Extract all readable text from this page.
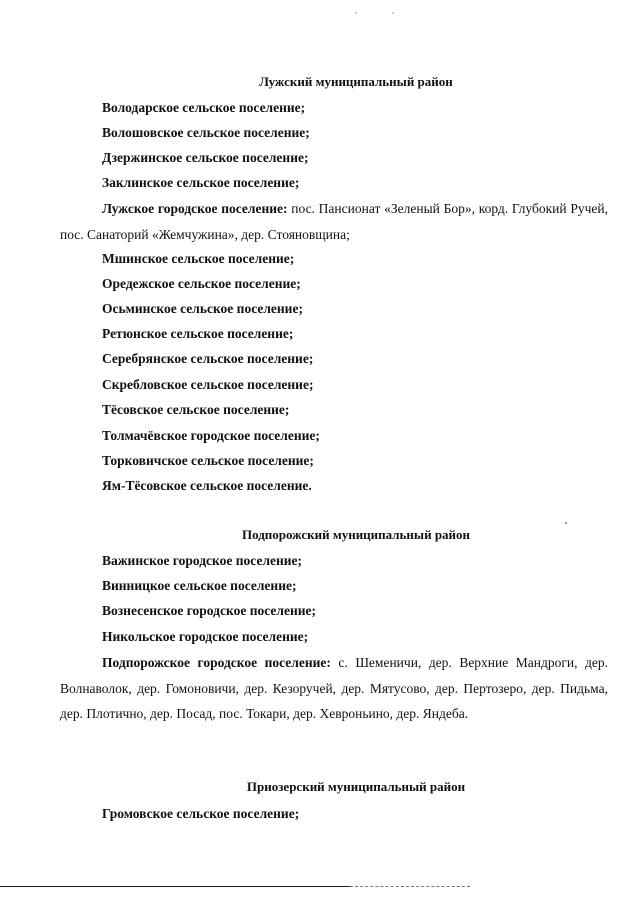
Лужский муниципальный район
Володарское сельское поселение;
Волошовское сельское поселение;
Дзержинское сельское поселение;
Заклинское сельское поселение;
Лужское городское поселение: пос. Пансионат «Зеленый Бор», корд. Глубокий Ручей, пос. Санаторий «Жемчужина», дер. Стояновщина;
Мшинское сельское поселение;
Оредежское сельское поселение;
Осьминское сельское поселение;
Ретюнское сельское поселение;
Серебрянское сельское поселение;
Скребловское сельское поселение;
Тёсовское сельское поселение;
Толмачёвское городское поселение;
Торковичское сельское поселение;
Ям-Тёсовское сельское поселение.
Подпорожский муниципальный район
Важинское городское поселение;
Винницкое сельское поселение;
Вознесенское городское поселение;
Никольское городское поселение;
Подпорожское городское поселение: с. Шеменичи, дер. Верхние Мандроги, дер. Волнаволок, дер. Гомоновичи, дер. Кезоручей, дер. Мятусово, дер. Пертозеро, дер. Пидьма, дер. Плотично, дер. Посад, пос. Токари, дер. Хевроньино, дер. Яндеба.
Приозерский муниципальный район
Громовское сельское поселение;
